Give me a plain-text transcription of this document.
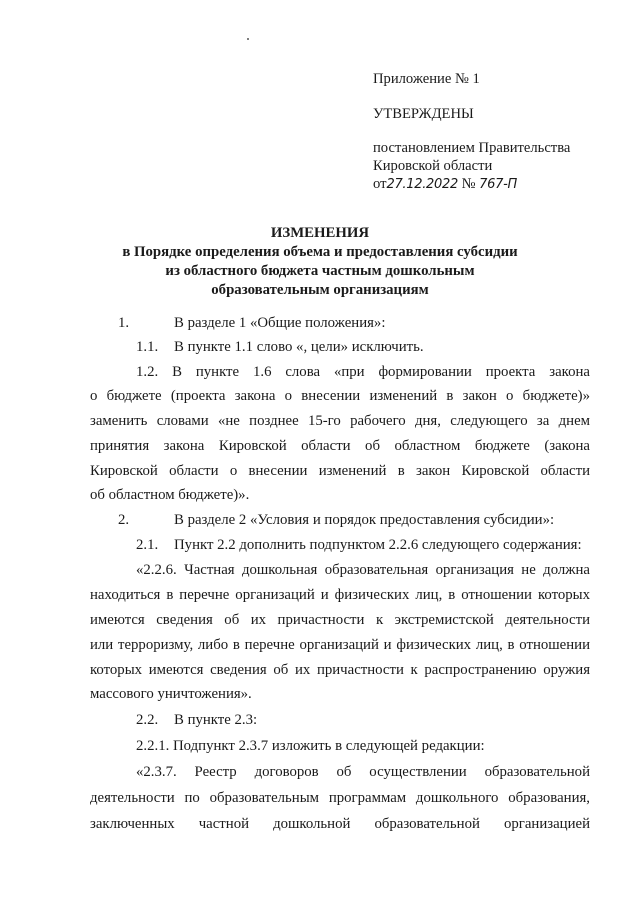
Приложение № 1
УТВЕРЖДЕНЫ
постановлением Правительства
Кировской области
от27.12.2022 № 767-П
ИЗМЕНЕНИЯ
в Порядке определения объема и предоставления субсидии
из областного бюджета частным дошкольным
образовательным организациям
1.	В разделе 1 «Общие положения»:
1.1. В пункте 1.1 слово «, цели» исключить.
1.2. В пункте 1.6 слова «при формировании проекта закона
о бюджете (проекта закона о внесении изменений в закон о бюджете)»
заменить словами «не позднее 15-го рабочего дня, следующего за днем
принятия закона Кировской области об областном бюджете (закона
Кировской области о внесении изменений в закон Кировской области
об областном бюджете)».
2.	В разделе 2 «Условия и порядок предоставления субсидии»:
2.1. Пункт 2.2 дополнить подпунктом 2.2.6 следующего содержания:
«2.2.6. Частная дошкольная образовательная организация не должна
находиться в перечне организаций и физических лиц, в отношении которых
имеются сведения об их причастности к экстремистской деятельности
или терроризму, либо в перечне организаций и физических лиц, в отношении
которых имеются сведения об их причастности к распространению оружия
массового уничтожения».
2.2. В пункте 2.3:
2.2.1. Подпункт 2.3.7 изложить в следующей редакции:
«2.3.7. Реестр договоров об осуществлении образовательной
деятельности по образовательным программам дошкольного образования,
заключенных частной дошкольной образовательной организацией
